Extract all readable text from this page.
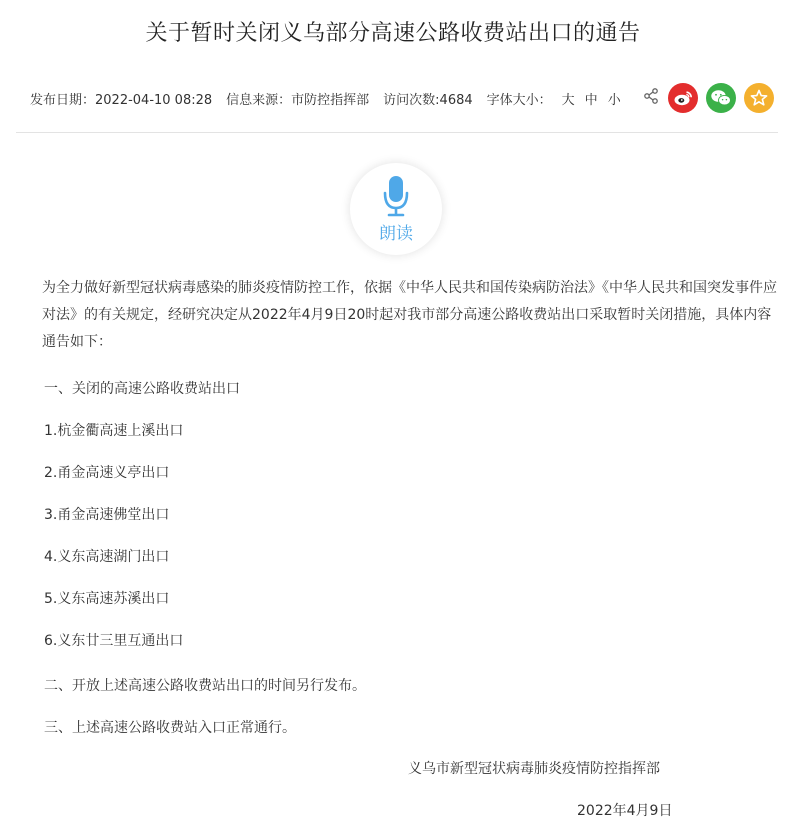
关于暂时关闭义乌部分高速公路收费站出口的通告
发布日期：2022-04-10 08:28 信息来源：市防控指挥部 访问次数:4684 字体大小： 大 中 小
朗读
为全力做好新型冠状病毒感染的肺炎疫情防控工作，依据《中华人民共和国传染病防治法》《中华人民共和国突发事件应对法》的有关规定，经研究决定从2022年4月9日20时起对我市部分高速公路收费站出口采取暂时关闭措施，具体内容通告如下：
一、关闭的高速公路收费站出口
1.杭金衢高速上溪出口
2.甬金高速义亭出口
3.甬金高速佛堂出口
4.义东高速湖门出口
5.义东高速苏溪出口
6.义东廿三里互通出口
二、开放上述高速公路收费站出口的时间另行发布。
三、上述高速公路收费站入口正常通行。
义乌市新型冠状病毒肺炎疫情防控指挥部
2022年4月9日
